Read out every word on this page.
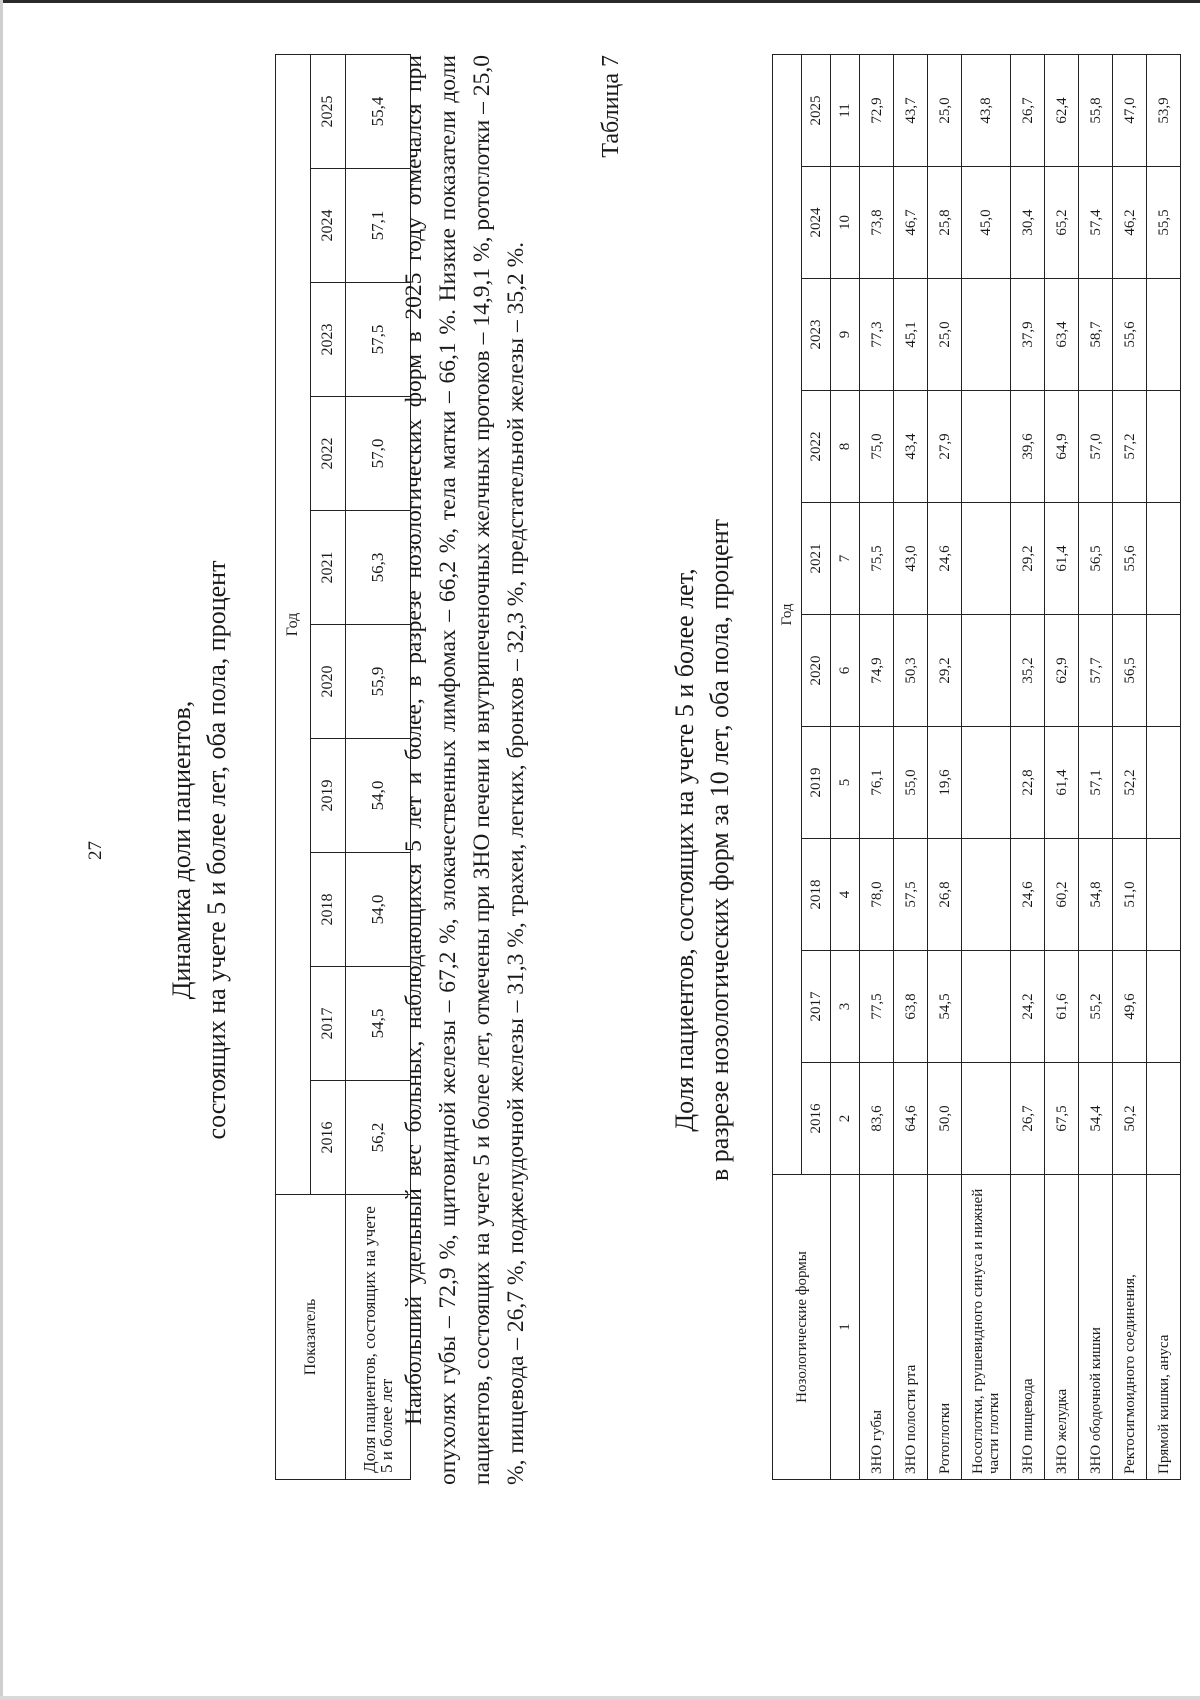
27 Динамика доли пациентов, состоящих на учете 5 и более лет, оба пола, процент
Показатель	Год									
	2016	2017	2018	2019	2020	2021	2022	2023	2024	2025
Доля пациентов, состоящих на учете 5 и более лет	56,2	54,5	54,0	54,0	55,9	56,3	57,0	57,5	57,1	55,4 Наибольший удельный вес больных, наблюдающихся 5 лет и более, в разрезе нозологических форм в 2025 году отмечался при опухолях губы – 72,9 %, щитовидной железы – 67,2 %, злокачественных лимфомах – 66,2 %, тела матки – 66,1 %. Низкие показатели доли пациентов, состоящих на учете 5 и более лет, отмечены при ЗНО печени и внутрипеченочных желчных протоков – 14,9,1 %, ротоглотки – 25,0 %, пищевода – 26,7 %, поджелудочной железы – 31,3 %, трахеи, легких, бронхов – 32,3 %, предстательной железы – 35,2 %.

Таблица 7
Доля пациентов, состоящих на учете 5 и более лет, в разрезе нозологических форм за 10 лет, оба пола, процент
Нозологические формы	Год									
	2016	2017	2018	2019	2020	2021	2022	2023	2024	2025
1	2	3	4	5	6	7	8	9	10	11
ЗНО губы	83,6	77,5	78,0	76,1	74,9	75,5	75,0	77,3	73,8	72,9
ЗНО полости рта	64,6	63,8	57,5	55,0	50,3	43,0	43,4	45,1	46,7	43,7
Ротоглотки	50,0	54,5	26,8	19,6	29,2	24,6	27,9	25,0	25,8	25,0
Носоглотки, грушевидного синуса и нижней части глотки									45,0	43,8
ЗНО пищевода	26,7	24,2	24,6	22,8	35,2	29,2	39,6	37,9	30,4	26,7
ЗНО желудка	67,5	61,6	60,2	61,4	62,9	61,4	64,9	63,4	65,2	62,4
ЗНО ободочной кишки	54,4	55,2	54,8	57,1	57,7	56,5	57,0	58,7	57,4	55,8
Ректосигмоидного соединения,	50,2	49,6	51,0	52,2	56,5	55,6	57,2	55,6	46,2	47,0
Прямой кишки, ануса									55,5	53,9
